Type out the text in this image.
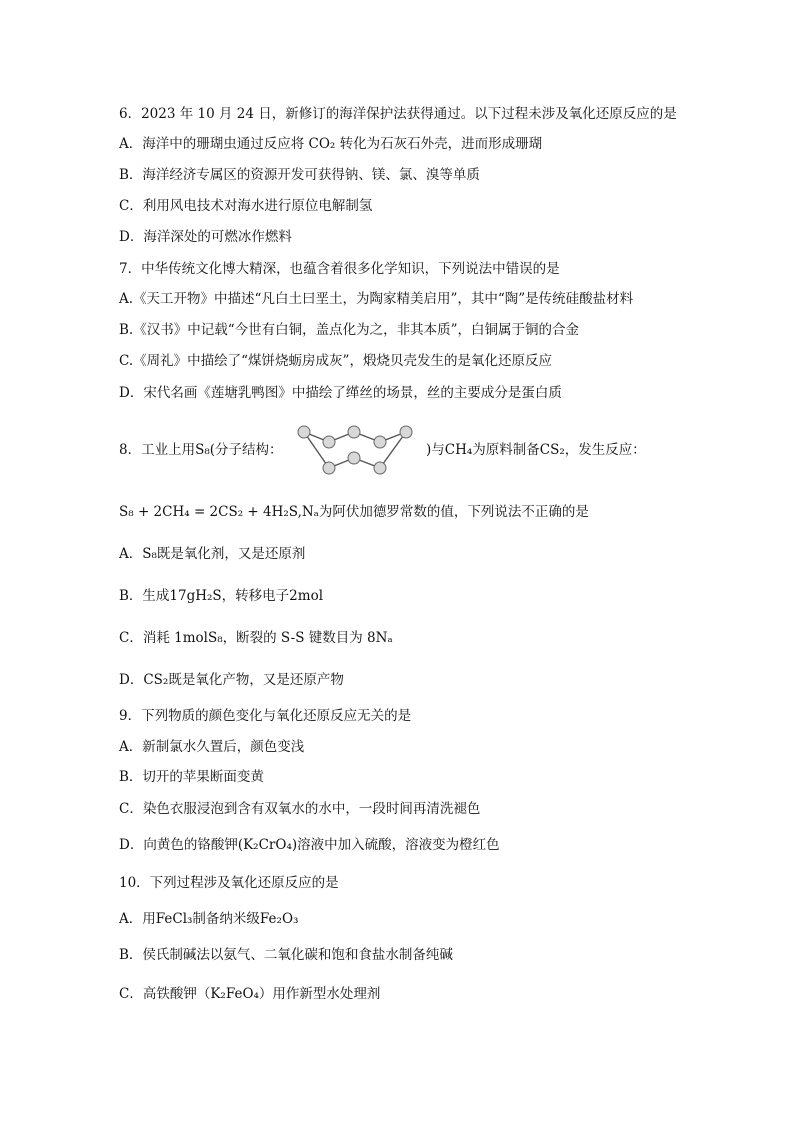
6．2023 年 10 月 24 日，新修订的海洋保护法获得通过。以下过程未涉及氧化还原反应的是
A．海洋中的珊瑚虫通过反应将 CO₂ 转化为石灰石外壳，进而形成珊瑚
B．海洋经济专属区的资源开发可获得钠、镁、氯、溴等单质
C．利用风电技术对海水进行原位电解制氢
D．海洋深处的可燃冰作燃料
7．中华传统文化博大精深，也蕴含着很多化学知识，下列说法中错误的是
A.《天工开物》中描述“凡白土曰垩土，为陶家精美启用”，其中“陶”是传统硅酸盐材料
B.《汉书》中记载“今世有白铜，盖点化为之，非其本质”，白铜属于铜的合金
C.《周礼》中描绘了“煤饼烧蛎房成灰”，煅烧贝壳发生的是氧化还原反应
D．宋代名画《莲塘乳鸭图》中描绘了缂丝的场景，丝的主要成分是蛋白质
8．工业上用S₈(分子结构：	)与CH₄为原料制备CS₂，发生反应：
S₈ + 2CH₄ = 2CS₂ + 4H₂S,Nₐ为阿伏加德罗常数的值，下列说法不正确的是
A．S₈既是氧化剂，又是还原剂
B．生成17gH₂S，转移电子2mol
C．消耗 1molS₈，断裂的 S-S 键数目为 8Nₐ
D．CS₂既是氧化产物，又是还原产物
9．下列物质的颜色变化与氧化还原反应无关的是
A．新制氯水久置后，颜色变浅
B．切开的苹果断面变黄
C．染色衣服浸泡到含有双氧水的水中，一段时间再清洗褪色
D．向黄色的铬酸钾(K₂CrO₄)溶液中加入硫酸，溶液变为橙红色
10．下列过程涉及氧化还原反应的是
A．用FeCl₃制备纳米级Fe₂O₃
B．侯氏制碱法以氨气、二氧化碳和饱和食盐水制备纯碱
C．高铁酸钾（K₂FeO₄）用作新型水处理剂
